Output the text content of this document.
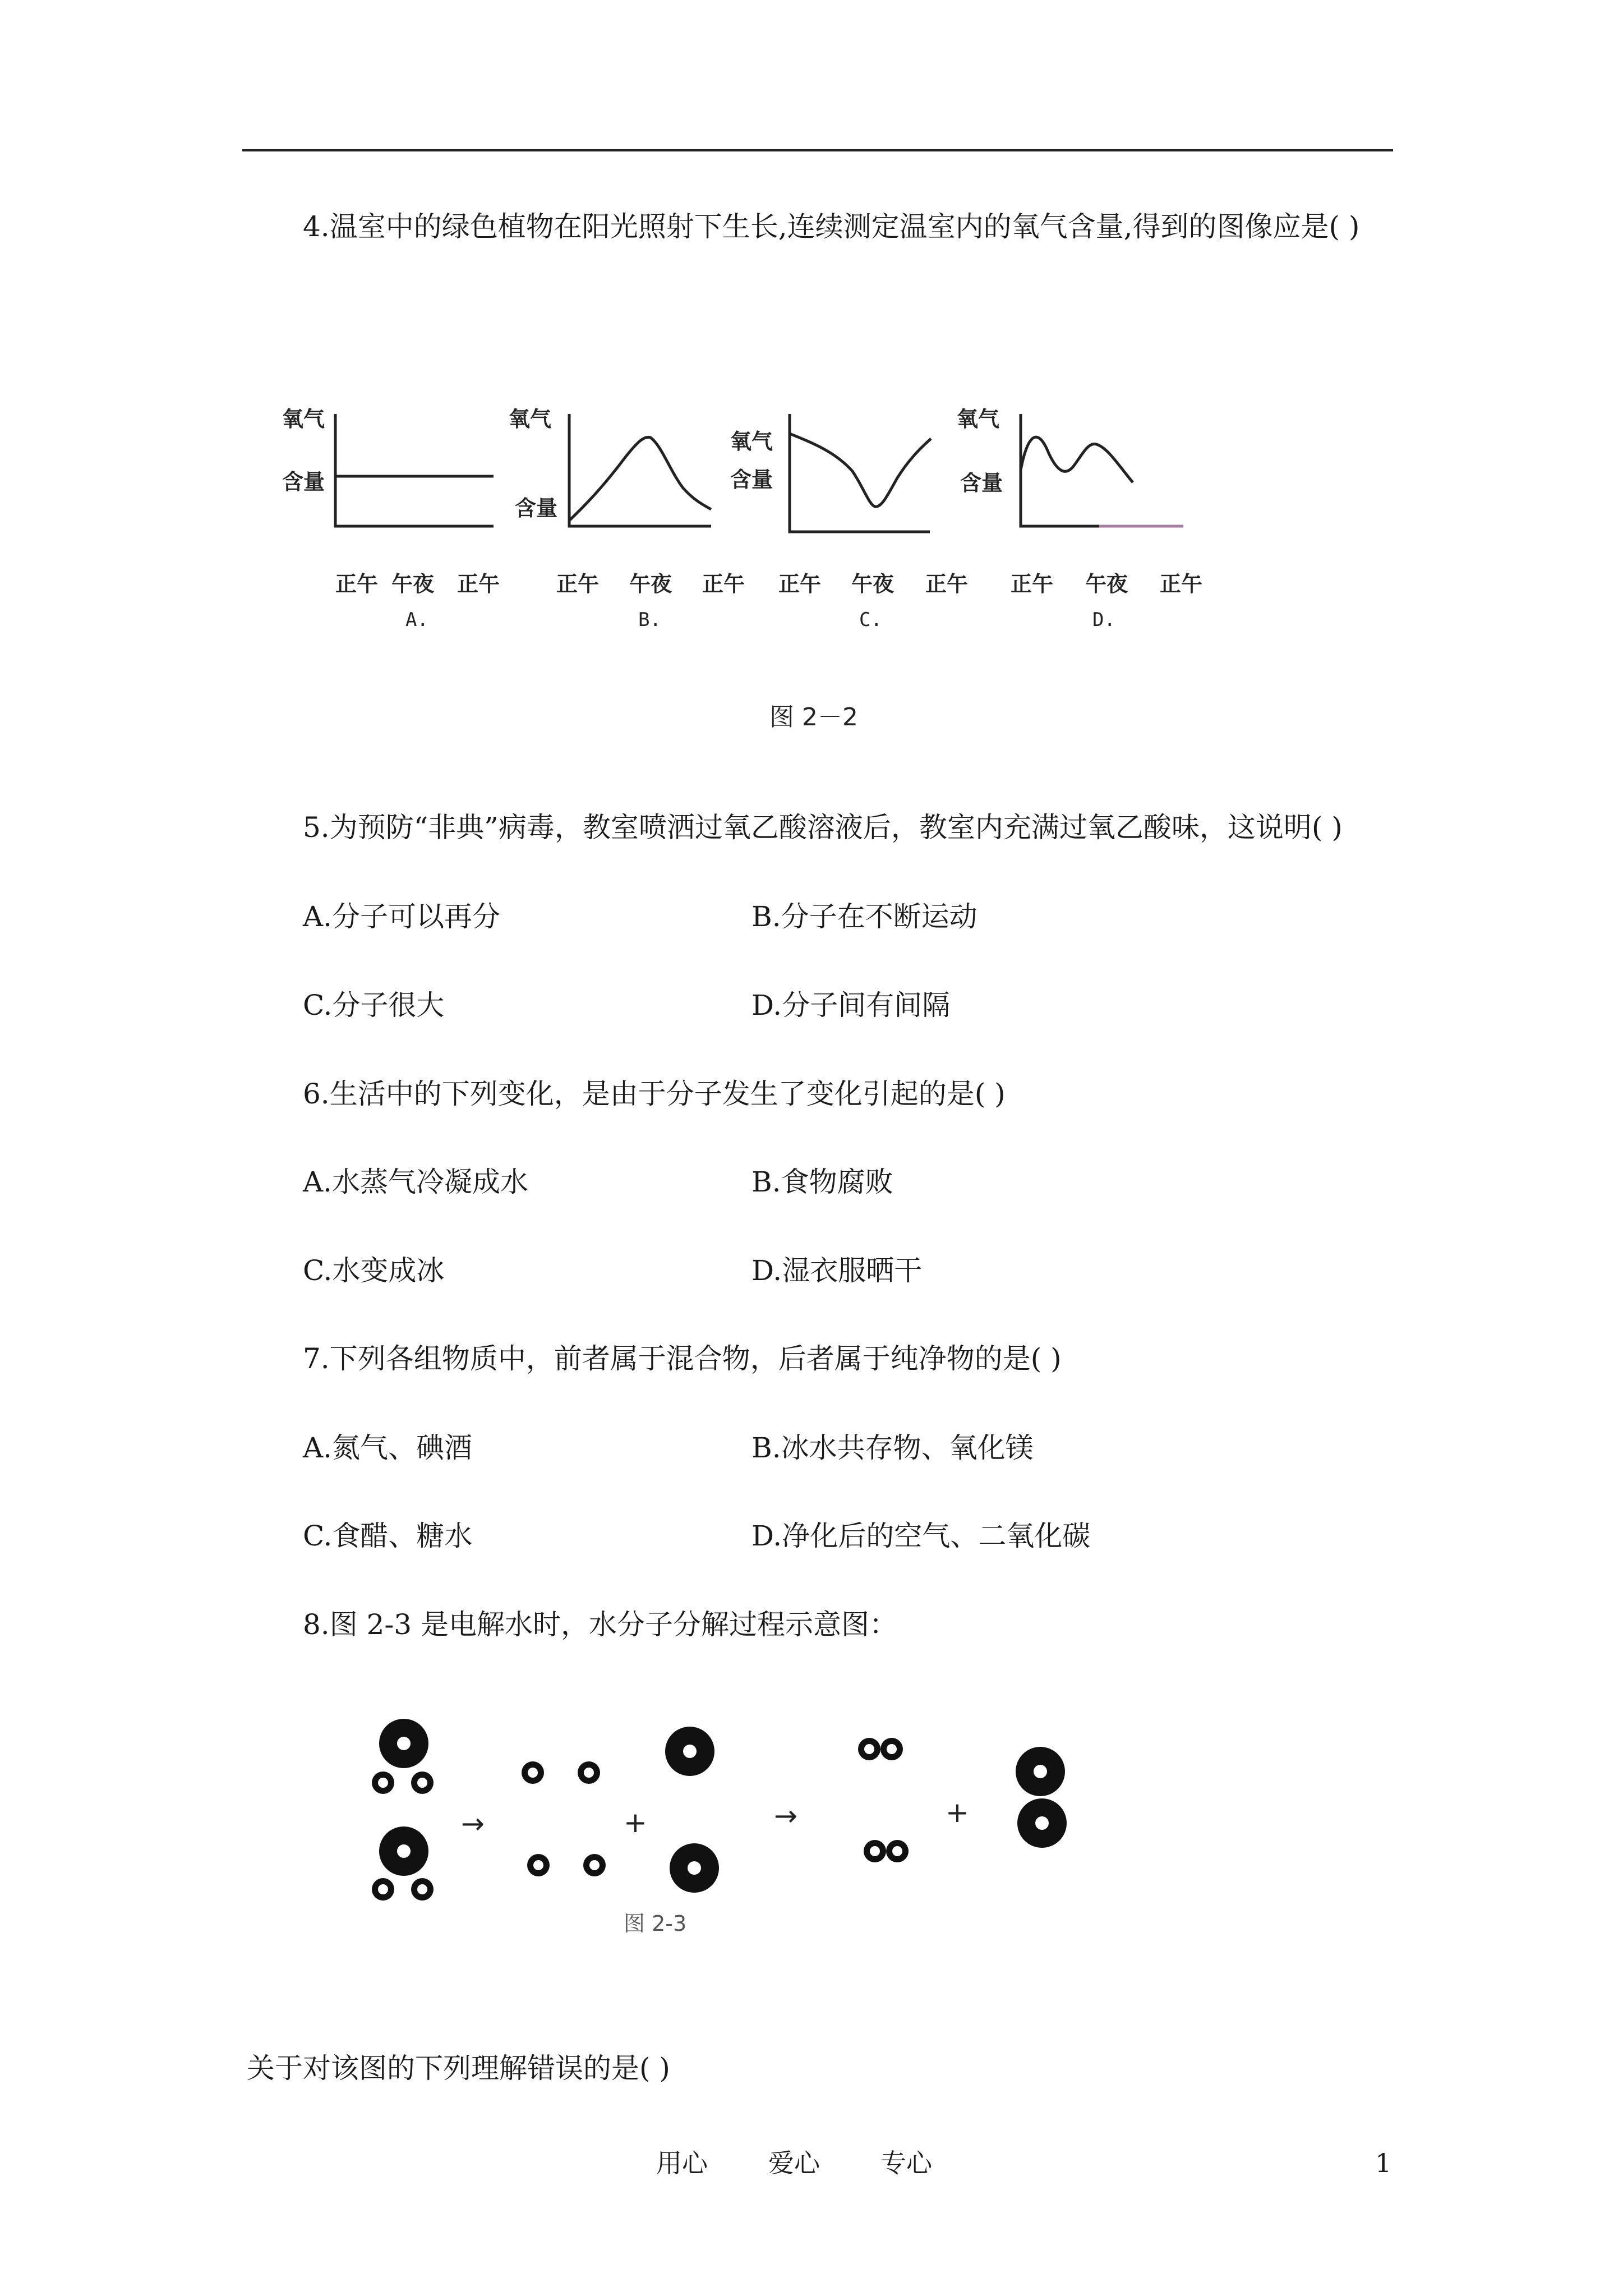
4.温室中的绿色植物在阳光照射下生长,连续测定温室内的氧气含量,得到的图像应是( )
氧气
含量
正午 午夜 正午
A.
氧气
含量
正午 午夜 正午
B.
氧气
含量
正午 午夜 正午
C.
氧气
含量
正午 午夜 正午
D.
图 2－2
5.为预防“非典”病毒，教室喷洒过氧乙酸溶液后，教室内充满过氧乙酸味，这说明( )
A.分子可以再分	B.分子在不断运动
C.分子很大	D.分子间有间隔
6.生活中的下列变化，是由于分子发生了变化引起的是( )
A.水蒸气冷凝成水	B.食物腐败
C.水变成冰	D.湿衣服晒干
7.下列各组物质中，前者属于混合物，后者属于纯净物的是( )
A.氮气、碘酒	B.冰水共存物、氧化镁
C.食醋、糖水	D.净化后的空气、二氧化碳
8.图 2-3 是电解水时，水分子分解过程示意图：
→	+	→	+
图 2-3
关于对该图的下列理解错误的是( )
用心 爱心 专心	1
